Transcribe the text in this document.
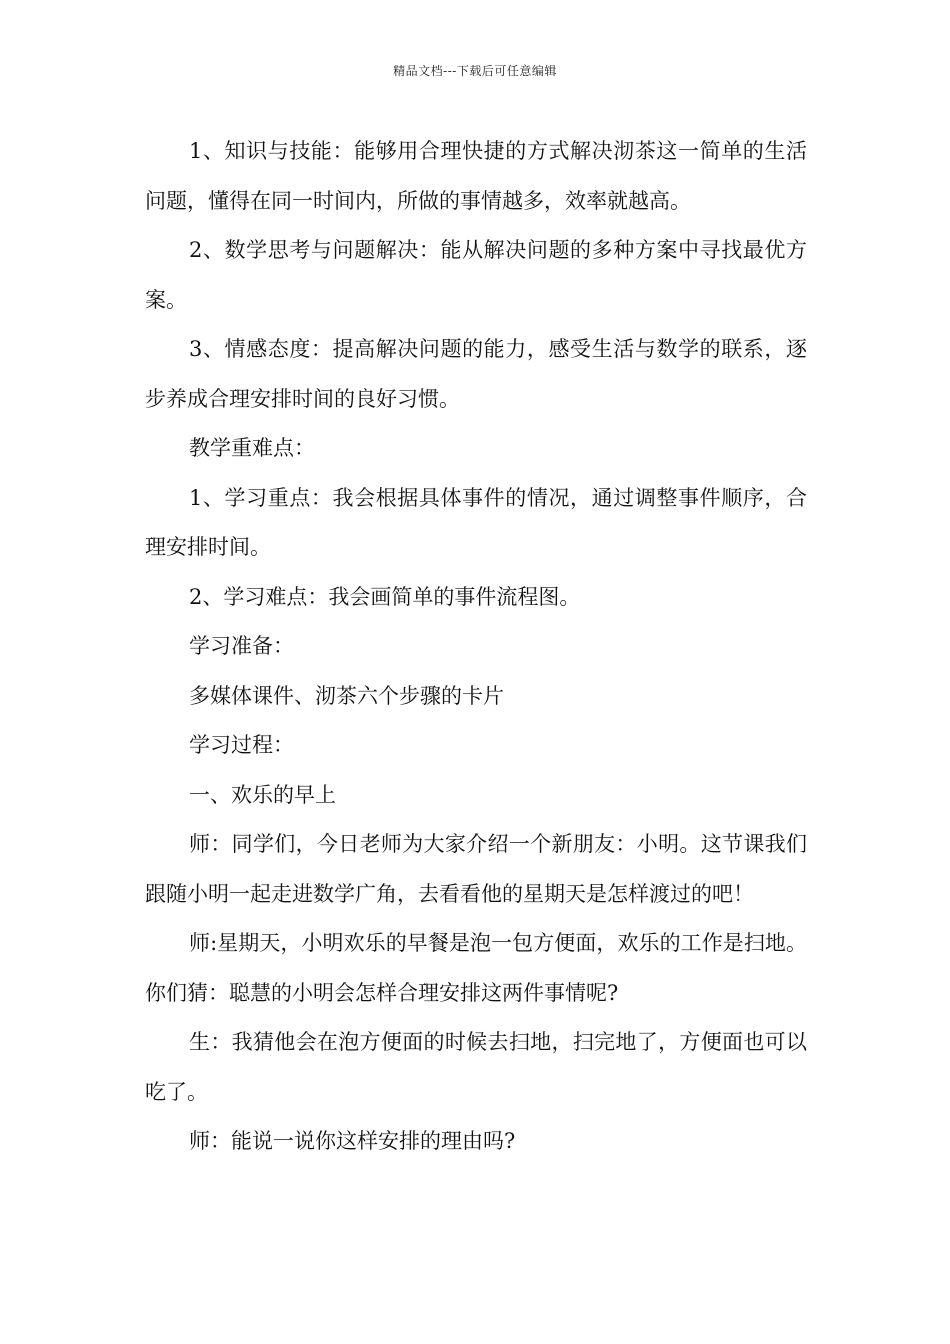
精品文档---下载后可任意编辑

1、知识与技能：能够用合理快捷的方式解决沏茶这一简单的生活问题，懂得在同一时间内，所做的事情越多，效率就越高。

2、数学思考与问题解决：能从解决问题的多种方案中寻找最优方案。

3、情感态度：提高解决问题的能力，感受生活与数学的联系，逐步养成合理安排时间的良好习惯。

教学重难点：

1、学习重点：我会根据具体事件的情况，通过调整事件顺序，合理安排时间。

2、学习难点：我会画简单的事件流程图。

学习准备：

多媒体课件、沏茶六个步骤的卡片

学习过程：

一、欢乐的早上

师：同学们，今日老师为大家介绍一个新朋友：小明。这节课我们跟随小明一起走进数学广角，去看看他的星期天是怎样渡过的吧！

师:星期天，小明欢乐的早餐是泡一包方便面，欢乐的工作是扫地。你们猜：聪慧的小明会怎样合理安排这两件事情呢?

生：我猜他会在泡方便面的时候去扫地，扫完地了，方便面也可以吃了。

师：能说一说你这样安排的理由吗?
